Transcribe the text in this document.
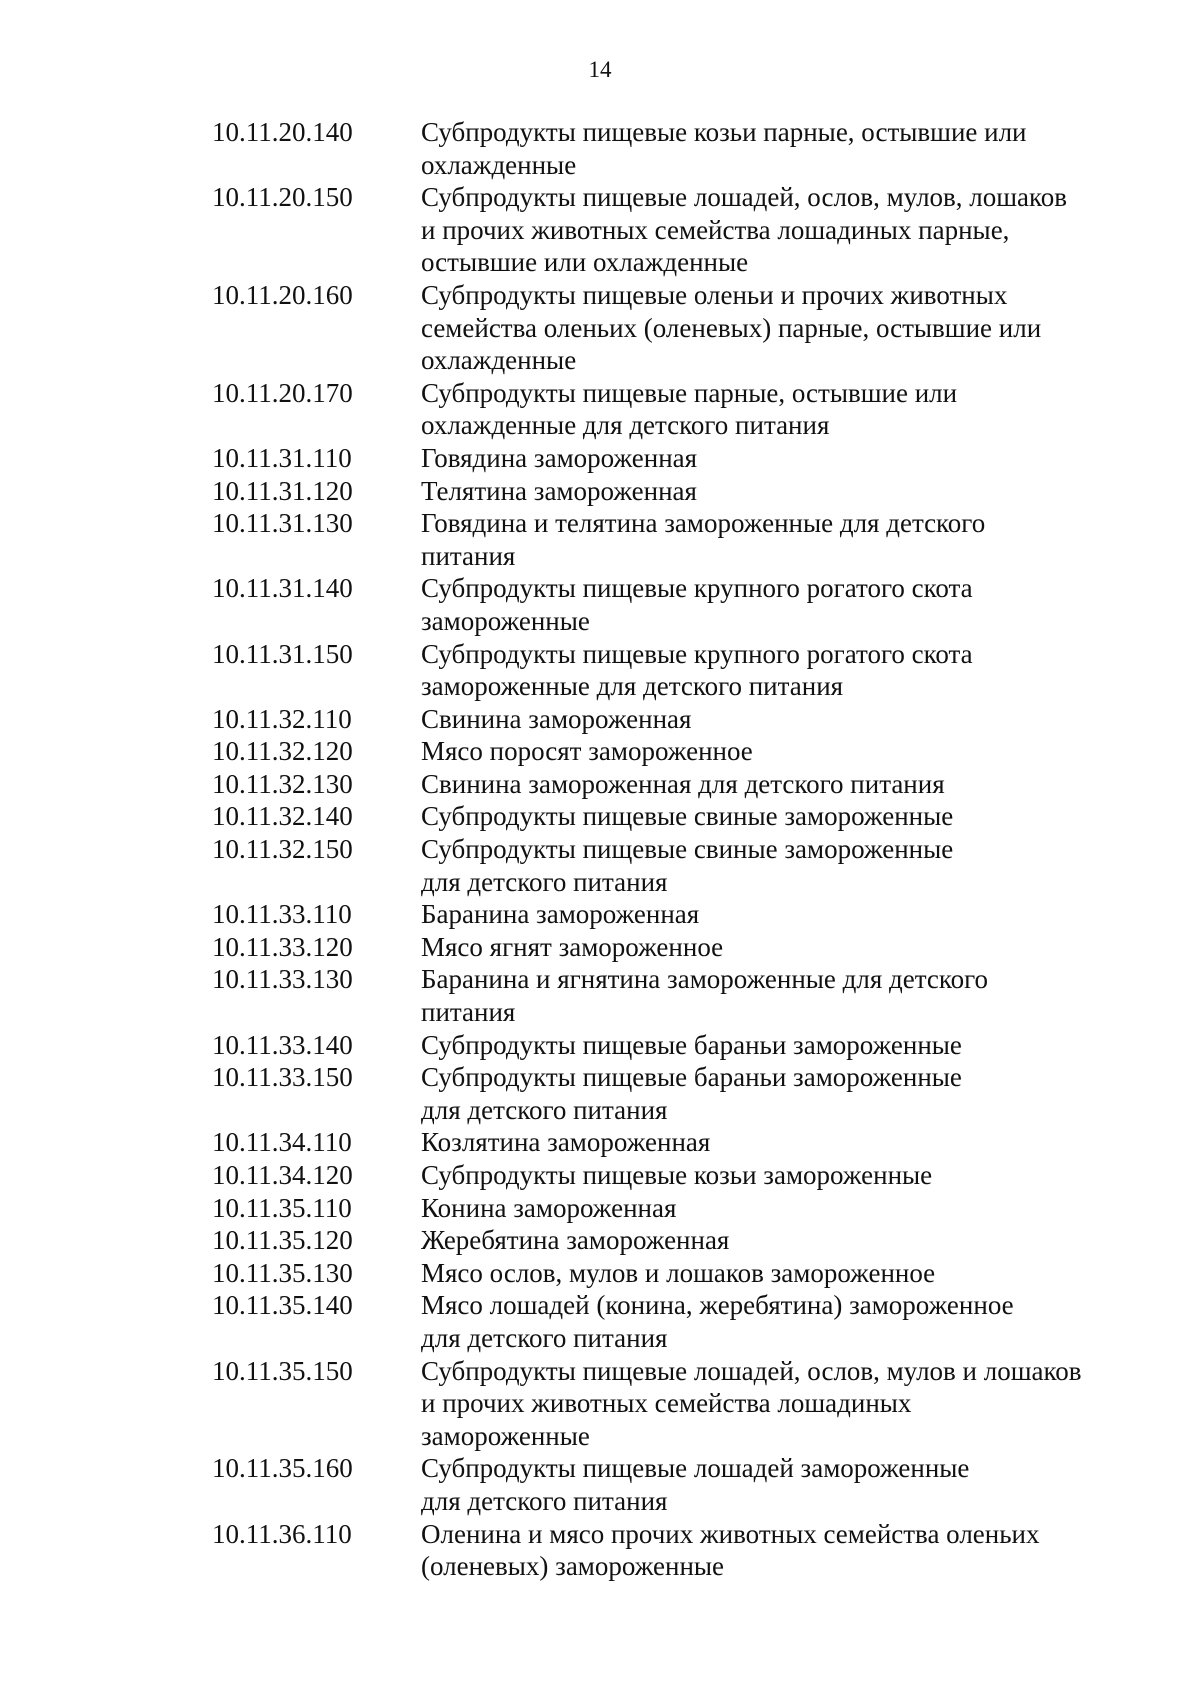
14
10.11.20.140	Субпродукты пищевые козьи парные, остывшие или
охлажденные
10.11.20.150	Субпродукты пищевые лошадей, ослов, мулов, лошаков
и прочих животных семейства лошадиных парные,
остывшие или охлажденные
10.11.20.160	Субпродукты пищевые оленьи и прочих животных
семейства оленьих (оленевых) парные, остывшие или
охлажденные
10.11.20.170	Субпродукты пищевые парные, остывшие или
охлажденные для детского питания
10.11.31.110	Говядина замороженная
10.11.31.120	Телятина замороженная
10.11.31.130	Говядина и телятина замороженные для детского
питания
10.11.31.140	Субпродукты пищевые крупного рогатого скота
замороженные
10.11.31.150	Субпродукты пищевые крупного рогатого скота
замороженные для детского питания
10.11.32.110	Свинина замороженная
10.11.32.120	Мясо поросят замороженное
10.11.32.130	Свинина замороженная для детского питания
10.11.32.140	Субпродукты пищевые свиные замороженные
10.11.32.150	Субпродукты пищевые свиные замороженные
для детского питания
10.11.33.110	Баранина замороженная
10.11.33.120	Мясо ягнят замороженное
10.11.33.130	Баранина и ягнятина замороженные для детского
питания
10.11.33.140	Субпродукты пищевые бараньи замороженные
10.11.33.150	Субпродукты пищевые бараньи замороженные
для детского питания
10.11.34.110	Козлятина замороженная
10.11.34.120	Субпродукты пищевые козьи замороженные
10.11.35.110	Конина замороженная
10.11.35.120	Жеребятина замороженная
10.11.35.130	Мясо ослов, мулов и лошаков замороженное
10.11.35.140	Мясо лошадей (конина, жеребятина) замороженное
для детского питания
10.11.35.150	Субпродукты пищевые лошадей, ослов, мулов и лошаков
и прочих животных семейства лошадиных
замороженные
10.11.35.160	Субпродукты пищевые лошадей замороженные
для детского питания
10.11.36.110	Оленина и мясо прочих животных семейства оленьих
(оленевых) замороженные
